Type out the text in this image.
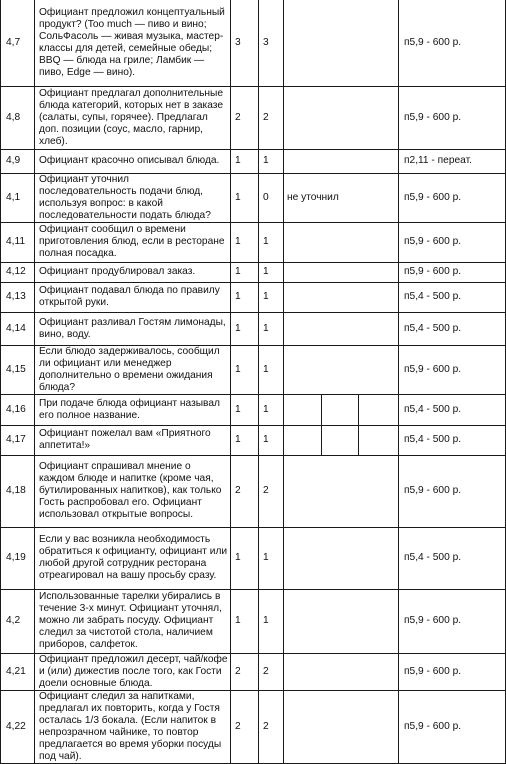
4,7	Официант предложил концептуальный продукт? (Too much — пиво и вино; СольФасоль — живая музыка, мастер-классы для детей, семейные обеды; BBQ — блюда на гриле; Ламбик — пиво, Edge — вино).	3	3				п5,9 - 600 р.
4,8	Официант предлагал дополнительные блюда категорий, которых нет в заказе (салаты, супы, горячее). Предлагал доп. позиции (соус, масло, гарнир, хлеб).	2	2				п5,9 - 600 р.
4,9	Официант красочно описывал блюда.	1	1				п2,11 - переат.
4,1	Официант уточнил последовательность подачи блюд, используя вопрос: в какой последовательности подать блюда?	1	0	не уточнил			п5,9 - 600 р.
4,11	Официант сообщил о времени приготовления блюд, если в ресторане полная посадка.	1	1				п5,9 - 600 р.
4,12	Официант продублировал заказ.	1	1				п5,9 - 600 р.
4,13	Официант подавал блюда по правилу открытой руки.	1	1				п5,4 - 500 р.
4,14	Официант разливал Гостям лимонады, вино, воду.	1	1				п5,4 - 500 р.
4,15	Если блюдо задерживалось, сообщил ли официант или менеджер дополнительно о времени ожидания блюда?	1	1				п5,9 - 600 р.
4,16	При подаче блюда официант называл его полное название.	1	1				п5,4 - 500 р.
4,17	Официант пожелал вам «Приятного аппетита!»	1	1				п5,4 - 500 р.
4,18	Официант спрашивал мнение о каждом блюде и напитке (кроме чая, бутилированных напитков), как только Гость распробовал его. Официант использовал открытые вопросы.	2	2				п5,9 - 600 р.
4,19	Если у вас возникла необходимость обратиться к официанту, официант или любой другой сотрудник ресторана отреагировал на вашу просьбу сразу.	1	1				п5,4 - 500 р.
4,2	Использованные тарелки убирались в течение 3-х минут. Официант уточнял, можно ли забрать посуду. Официант следил за чистотой стола, наличием приборов, салфеток.	1	1				п5,9 - 600 р.
4,21	Официант предложил десерт, чай/кофе и (или) дижестив после того, как Гости доели основные блюда.	2	2				п5,9 - 600 р.
4,22	Официант следил за напитками, предлагал их повторить, когда у Гостя осталась 1/3 бокала. (Если напиток в непрозрачном чайнике, то повтор предлагается во время уборки посуды под чай).	2	2				п5,9 - 600 р.
